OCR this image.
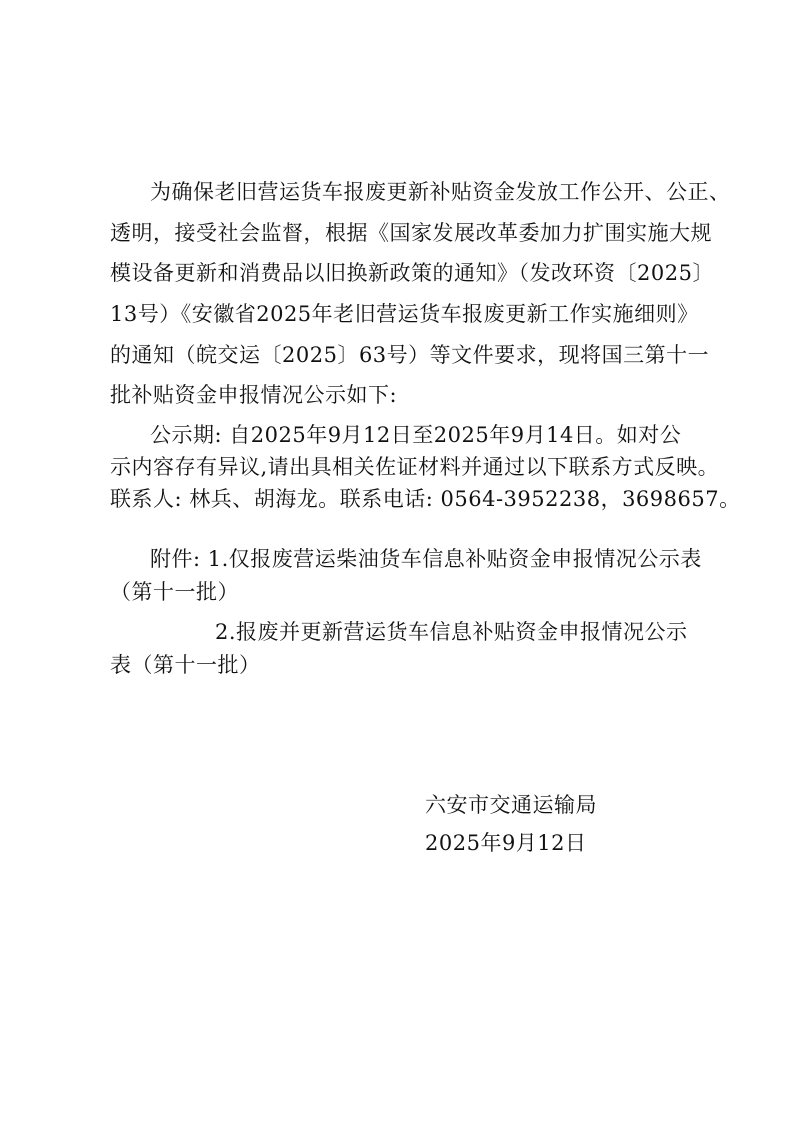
为确保老旧营运货车报废更新补贴资金发放工作公开、公正、
透明，接受社会监督，根据《国家发展改革委加力扩围实施大规
模设备更新和消费品以旧换新政策的通知》（发改环资〔2025〕
13号）《安徽省2025年老旧营运货车报废更新工作实施细则》
的通知（皖交运〔2025〕63号）等文件要求，现将国三第十一
批补贴资金申报情况公示如下:
公示期: 自2025年9月12日至2025年9月14日。如对公
示内容存有异议,请出具相关佐证材料并通过以下联系方式反映。
联系人: 林兵、胡海龙。联系电话: 0564-3952238，3698657。
附件: 1.仅报废营运柴油货车信息补贴资金申报情况公示表
（第十一批）
2.报废并更新营运货车信息补贴资金申报情况公示
表（第十一批）
六安市交通运输局
2025年9月12日
